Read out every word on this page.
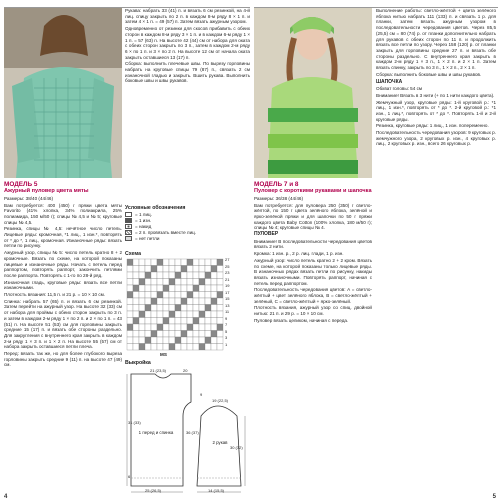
МОДЕЛЬ 5
Ажурный пуловер цвета мяты

Размеры: 38/40 (44/46)

Вам потребуется: 400 (450) г пряжи цвета мяты Favorito (41% хлопка, 34% полиакрила, 25% полиамида, 150 м/50 г); спицы № 4,5 и № 5; круговые спицы № 4,5.

Резинка, спицы № 4,5: нечётное число петель. Лицевые ряды: кромочная, *1 лиц., 1 изн.*, повторять от * до *, 1 лиц., кромочная. Изнаночные ряды: вязать петли по рисунку.

Ажурный узор, спицы № 5: число петель кратно 8 + 2 кромочные. Вязать по схеме, на которой показаны лицевые и изнаночные ряды. Начать с петель перед раппортом, повторять раппорт, закончить петлями после раппорта. Повторять с 1-го по 28-й ряд.

Изнаночная гладь, круговые ряды: вязать все петли изнаночными.

Плотность вязания: 11,5 п. и 21 р. = 10 × 10 см.

Спинка: набрать 57 (65) п. и вязать 6 см резинкой. Затем перейти на ажурный узор. На высоте 32 (33) см от набора для проймы с обеих сторон закрыть по 3 п. и затем в каждом 2-м ряду 1 × по 2 п. и 2 × по 1 п. = 43 (51) п. На высоте 51 (53) см для горловины закрыть средние 15 (17) п. и вязать обе стороны раздельно. Для закругления с внутреннего края закрыть в каждом 2-м ряду 1 × 3 п. и 1 × 2 п. На высоте 55 (57) см от набора закрыть оставшиеся петли плеча.

Перед: вязать так же, но для более глубокого выреза горловины закрыть средние 9 (11) п. на высоте 47 (49) см.

Рукава: набрать 33 (41) п. и вязать 6 см резинкой, на 4-й лиц. спицу закрыть по 2 п. в каждом 8-м ряду 8 × 1 п. и затем 4 × 1 п. = 49 (57) п. Затем вязать ажурным узором.

Одновременно от резинки для скосов прибавить с обеих сторон в каждом 8-м ряду 3 × 1 п. и в каждом 6-м ряду 1 × 1 п. = 57 (63) п. На высоте 42 (44) см от набора для оката с обеих сторон закрыть по 3 п., затем в каждом 2-м ряду 6 × по 1 п. и 3 × по 2 п. На высоте 12 см от начала оката закрыть оставшиеся 13 (17) п.

Сборка: выполнить плечевые швы. По вырезу горловины набрать на круговые спицы 79 (87) п., связать 2 см изнаночной гладью и закрыть. Вшить рукава. Выполнить боковые швы и швы рукавов.

Условные обозначения
= 1 лиц.
= 1 изн.
= накид
= 2 п. провязать вместе лиц.
= нет петли
Схема
27
25
23
21
19
17
15
13
11
9
7
5
3
1
MS
Выкройка
1 перед и спинка
2 рукав
21 (23,5)	20
9
19 (22,5)
31 (33)
6
25 (26,5)	14 (15,5)
30 (32)
36 (37)
4
МОДЕЛЬ 7 и 8
Пуловер с короткими рукавами и шапочка

Размеры: 36/38 (44/46)

Вам потребуется: для пуловера 250 (350) г светло-жёлтой, по 150 г цвета зелёного яблока, зелёной и ярко-зелёной пряжи и для шапочки по 50 г пряжи каждого цвета Baby Cotton (100% хлопка, 180 м/50 г); спицы № 4; круговые спицы № 4.

ПУЛОВЕР

Внимание! В последовательности чередования цветов вязать 2 нити.

Кромка: 1 изн. р., 2 р. лиц. глади, 1 р. изн.

Ажурный узор: число петель кратно 2 + 2 кром. Вязать по схеме, на которой показаны только лицевые ряды. В изнаночных рядах вязать петли по рисунку, накиды вязать изнаночными. Повторять раппорт, начиная с петель перед раппортом.

Последовательность чередования цветов: А = светло-жёлтый + цвет зелёного яблока, В = светло-жёлтый + зелёный, С = светло-жёлтый + ярко-зелёный.

Плотность вязания, ажурный узор со спиц. двойной нитью: 21 п. и 29 р. = 10 × 10 см.

Пуловер вязать целиком, начиная с переда.

Выполнение работы: светло-жёлтой + цвета зелёного яблока нитью набрать 111 (133) п. и связать 1 р. для планки, затем вязать ажурным узором в последовательности чередования цветов. Через 85,5 (25,5) см = 80 (74) р. от планки дополнительно набрать для рукавов с обеих сторон по 11 п. и продолжить вязать все петли по узору. Через 158 (120) р. от планки закрыть для горловины средние 27 п. и вязать обе стороны раздельно. С внутреннего края закрыть в каждом 2-м ряду 1 × 3 п., 1 × 2 п. и 2 × 1 п. Затем вязать спинку, закрыть по 3 п., 1 × 2 п., 2 × 1 п.

Сборка: выполнить боковые швы и швы рукавов.

ШАПОЧКА

Обхват головы: 54 см

Внимание! Вязать в 3 нити (+ по 1 нити каждого цвета).

Жемчужный узор, круговые ряды: 1-й круговой р.: *1 лиц., 1 изн.*, повторять от * до *. 2-й круговой р.: *1 изн., 1 лиц.*, повторять от * до *. Повторять 1-й и 2-й круговые ряды.

Резинка, круговые ряды: 1 лиц., 1 изн. попеременно.

Последовательность чередования узоров: 9 круговых р. жемчужного узора, 2 круговых р. изн., 4 круговых р. лиц., 2 круговых р. изн., всего 26 круговых р.

5
